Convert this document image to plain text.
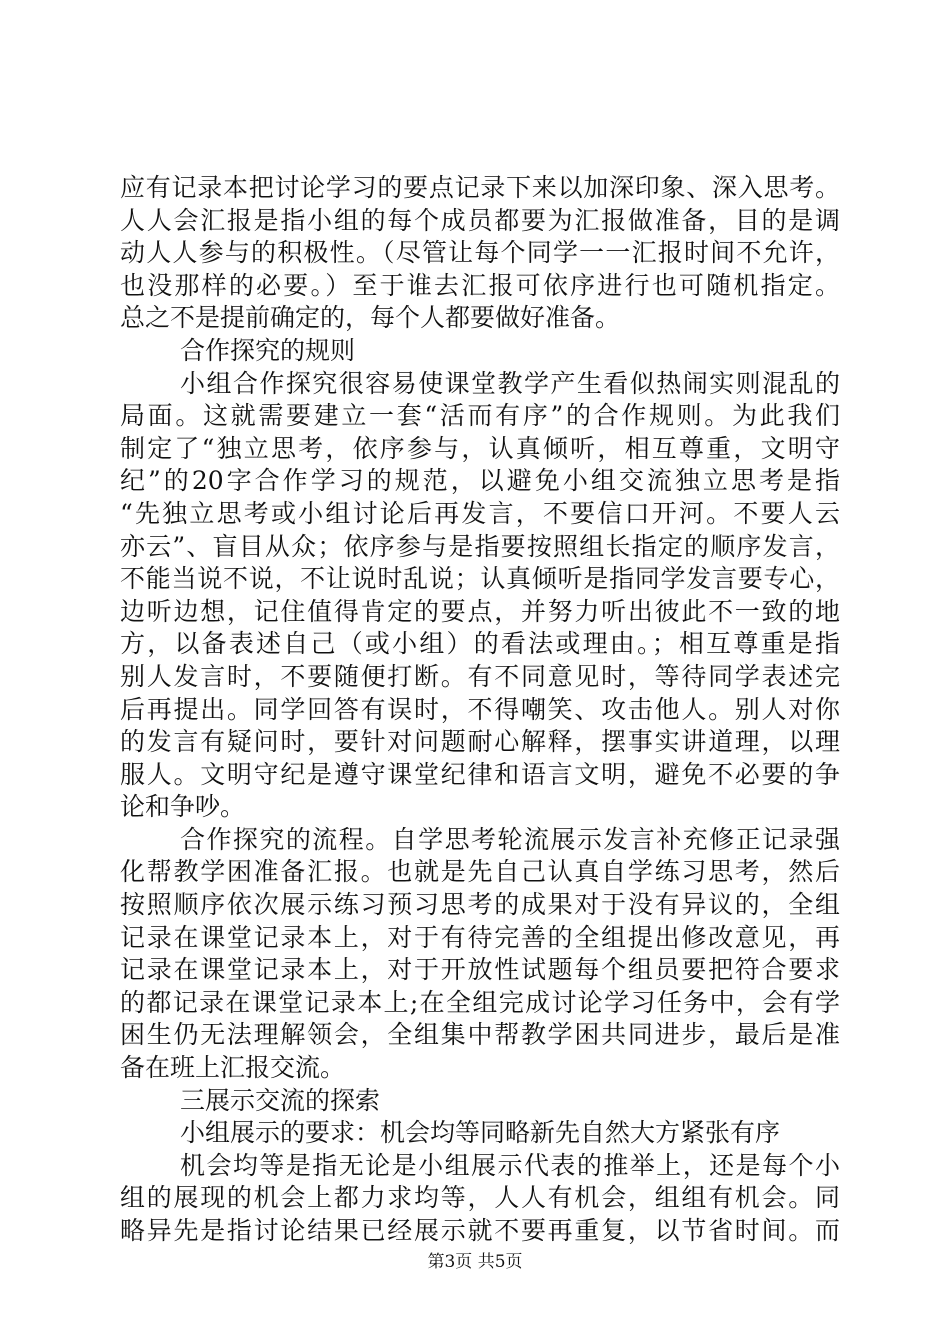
应有记录本把讨论学习的要点记录下来以加深印象、深入思考。
人人会汇报是指小组的每个成员都要为汇报做准备，目的是调
动人人参与的积极性。（尽管让每个同学一一汇报时间不允许，
也没那样的必要。）至于谁去汇报可依序进行也可随机指定。
总之不是提前确定的，每个人都要做好准备。
合作探究的规则
小组合作探究很容易使课堂教学产生看似热闹实则混乱的
局面。这就需要建立一套“活而有序”的合作规则。为此我们
制定了“独立思考，依序参与，认真倾听，相互尊重，文明守
纪”的20字合作学习的规范，以避免小组交流独立思考是指
“先独立思考或小组讨论后再发言，不要信口开河。不要人云
亦云”、盲目从众；依序参与是指要按照组长指定的顺序发言，
不能当说不说，不让说时乱说；认真倾听是指同学发言要专心，
边听边想，记住值得肯定的要点，并努力听出彼此不一致的地
方，以备表述自己（或小组）的看法或理由。；相互尊重是指
别人发言时，不要随便打断。有不同意见时，等待同学表述完
后再提出。同学回答有误时，不得嘲笑、攻击他人。别人对你
的发言有疑问时，要针对问题耐心解释，摆事实讲道理，以理
服人。文明守纪是遵守课堂纪律和语言文明，避免不必要的争
论和争吵。
合作探究的流程。自学思考轮流展示发言补充修正记录强
化帮教学困准备汇报。也就是先自己认真自学练习思考，然后
按照顺序依次展示练习预习思考的成果对于没有异议的，全组
记录在课堂记录本上，对于有待完善的全组提出修改意见，再
记录在课堂记录本上，对于开放性试题每个组员要把符合要求
的都记录在课堂记录本上;在全组完成讨论学习任务中，会有学
困生仍无法理解领会，全组集中帮教学困共同进步，最后是准
备在班上汇报交流。
三展示交流的探索
小组展示的要求：机会均等同略新先自然大方紧张有序
机会均等是指无论是小组展示代表的推举上，还是每个小
组的展现的机会上都力求均等，人人有机会，组组有机会。同
略异先是指讨论结果已经展示就不要再重复，以节省时间。而
第3页 共5页
